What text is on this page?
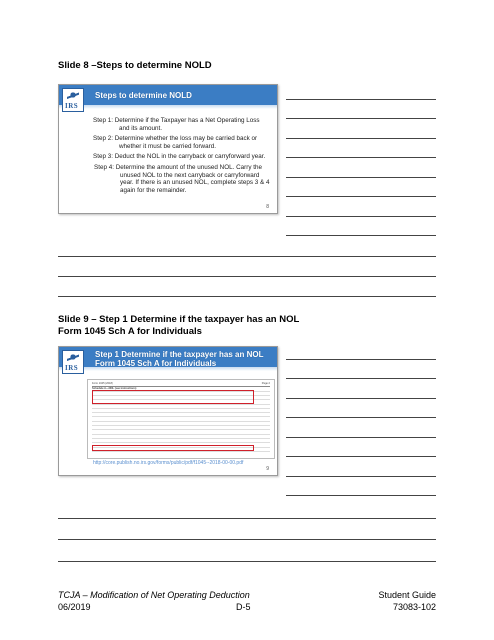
Slide 8 –Steps to determine NOLD
IRS
Steps to determine NOLD
Step 1: Determine if the Taxpayer has a Net Operating Loss and its amount.
Step 2: Determine whether the loss may be carried back or whether it must be carried forward.
Step 3: Deduct the NOL in the carryback or carryforward year.
Step 4: Determine the amount of the unused NOL. Carry the unused NOL to the next carryback or carryforward year. If there is an unused NOL, complete steps 3 & 4 again for the remainder.
8
Slide 9 – Step 1 Determine if the taxpayer has an NOL
Form 1045 Sch A for Individuals
IRS
Step 1 Determine if the taxpayer has an NOL
Form 1045 Sch A for Individuals
Form 1045 (2018)	Page 2
Schedule A—NOL (see instructions)
http://core.publish.no.irs.gov/forms/public/pdf/f1045--2018-00-00.pdf
9
TCJA – Modification of Net Operating Deduction
06/2019	D-5
Student Guide
73083-102
